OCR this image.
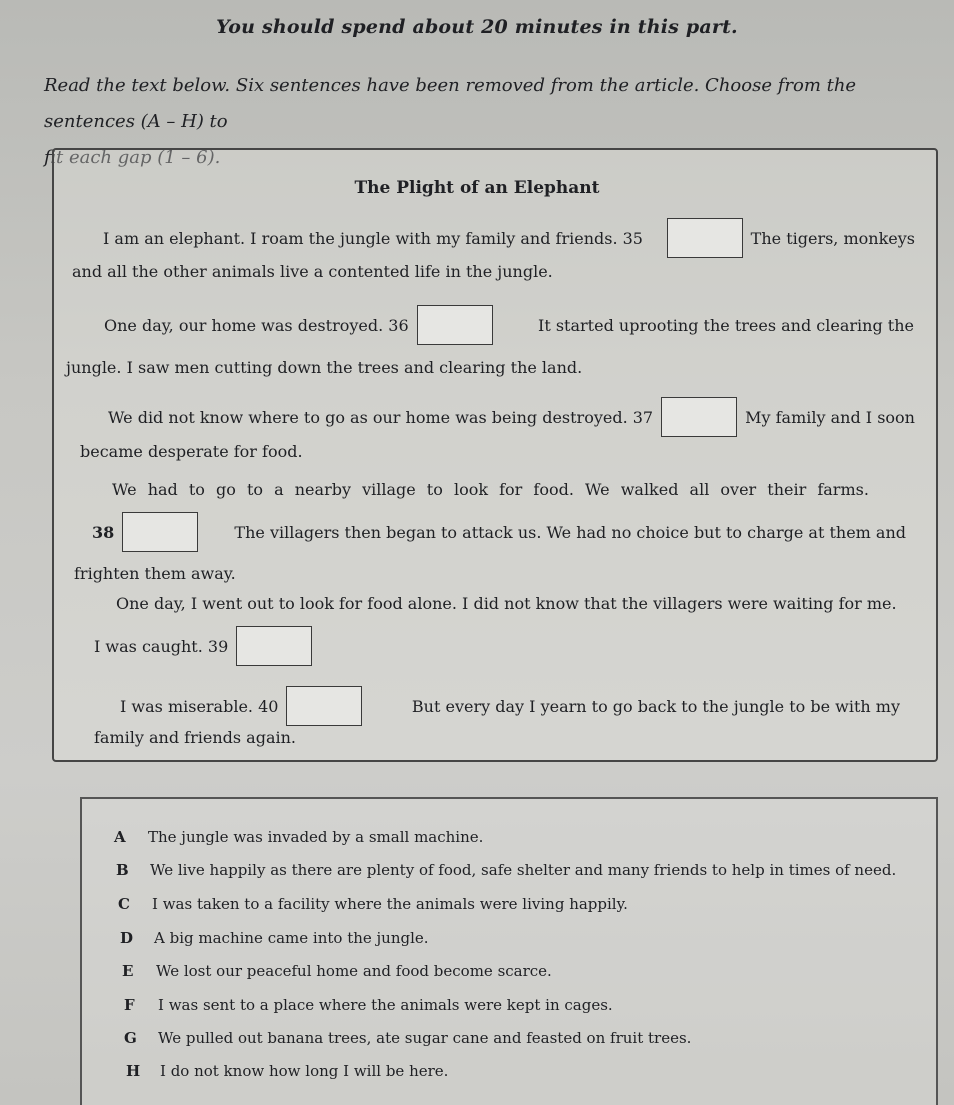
You should spend about 20 minutes in this part.
Read the text below. Six sentences have been removed from the article. Choose from the sentences (A – H) to
fit each gap (1 – 6).
The Plight of an Elephant
I am an elephant. I roam the jungle with my family and friends. 35	The tigers, monkeys
and all the other animals live a contented life in the jungle.
One day, our home was destroyed. 36	It started uprooting the trees and clearing the
jungle. I saw men cutting down the trees and clearing the land.
We did not know where to go as our home was being destroyed. 37	My family and I soon
became desperate for food.
We had to go to a nearby village to look for food. We walked all over their farms.
38	The villagers then began to attack us. We had no choice but to charge at them and
frighten them away.
One day, I went out to look for food alone. I did not know that the villagers were waiting for me.
I was caught. 39
I was miserable. 40	But every day I yearn to go back to the jungle to be with my
family and friends again.
A The jungle was invaded by a small machine.
B We live happily as there are plenty of food, safe shelter and many friends to help in times of need.
C I was taken to a facility where the animals were living happily.
D A big machine came into the jungle.
E We lost our peaceful home and food become scarce.
F I was sent to a place where the animals were kept in cages.
G We pulled out banana trees, ate sugar cane and feasted on fruit trees.
H I do not know how long I will be here.
